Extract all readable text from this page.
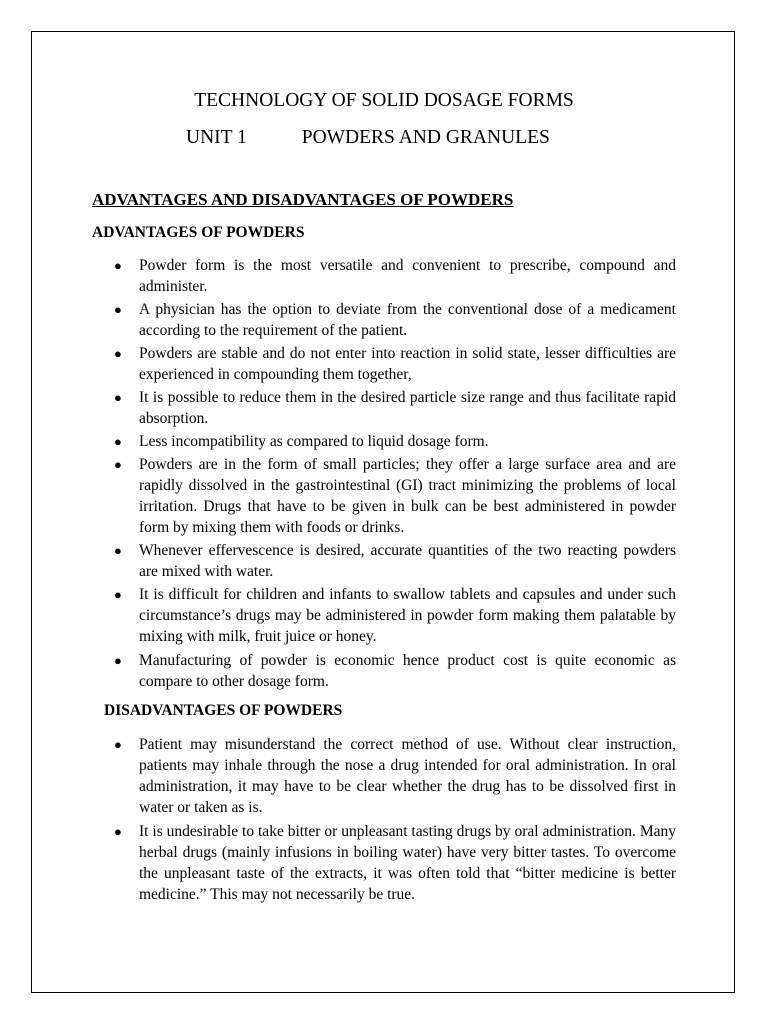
TECHNOLOGY OF SOLID DOSAGE FORMS
UNIT 1	POWDERS AND GRANULES
ADVANTAGES AND DISADVANTAGES OF POWDERS
ADVANTAGES OF POWDERS
● Powder form is the most versatile and convenient to prescribe, compound and administer.
● A physician has the option to deviate from the conventional dose of a medicament according to the requirement of the patient.
● Powders are stable and do not enter into reaction in solid state, lesser difficulties are experienced in compounding them together,
● It is possible to reduce them in the desired particle size range and thus facilitate rapid absorption.
● Less incompatibility as compared to liquid dosage form.
● Powders are in the form of small particles; they offer a large surface area and are rapidly dissolved in the gastrointestinal (GI) tract minimizing the problems of local irritation. Drugs that have to be given in bulk can be best administered in powder form by mixing them with foods or drinks.
● Whenever effervescence is desired, accurate quantities of the two reacting powders are mixed with water.
● It is difficult for children and infants to swallow tablets and capsules and under such circumstance’s drugs may be administered in powder form making them palatable by mixing with milk, fruit juice or honey.
● Manufacturing of powder is economic hence product cost is quite economic as compare to other dosage form.
DISADVANTAGES OF POWDERS
● Patient may misunderstand the correct method of use. Without clear instruction, patients may inhale through the nose a drug intended for oral administration. In oral administration, it may have to be clear whether the drug has to be dissolved first in water or taken as is.
● It is undesirable to take bitter or unpleasant tasting drugs by oral administration. Many herbal drugs (mainly infusions in boiling water) have very bitter tastes. To overcome the unpleasant taste of the extracts, it was often told that “bitter medicine is better medicine.” This may not necessarily be true.
